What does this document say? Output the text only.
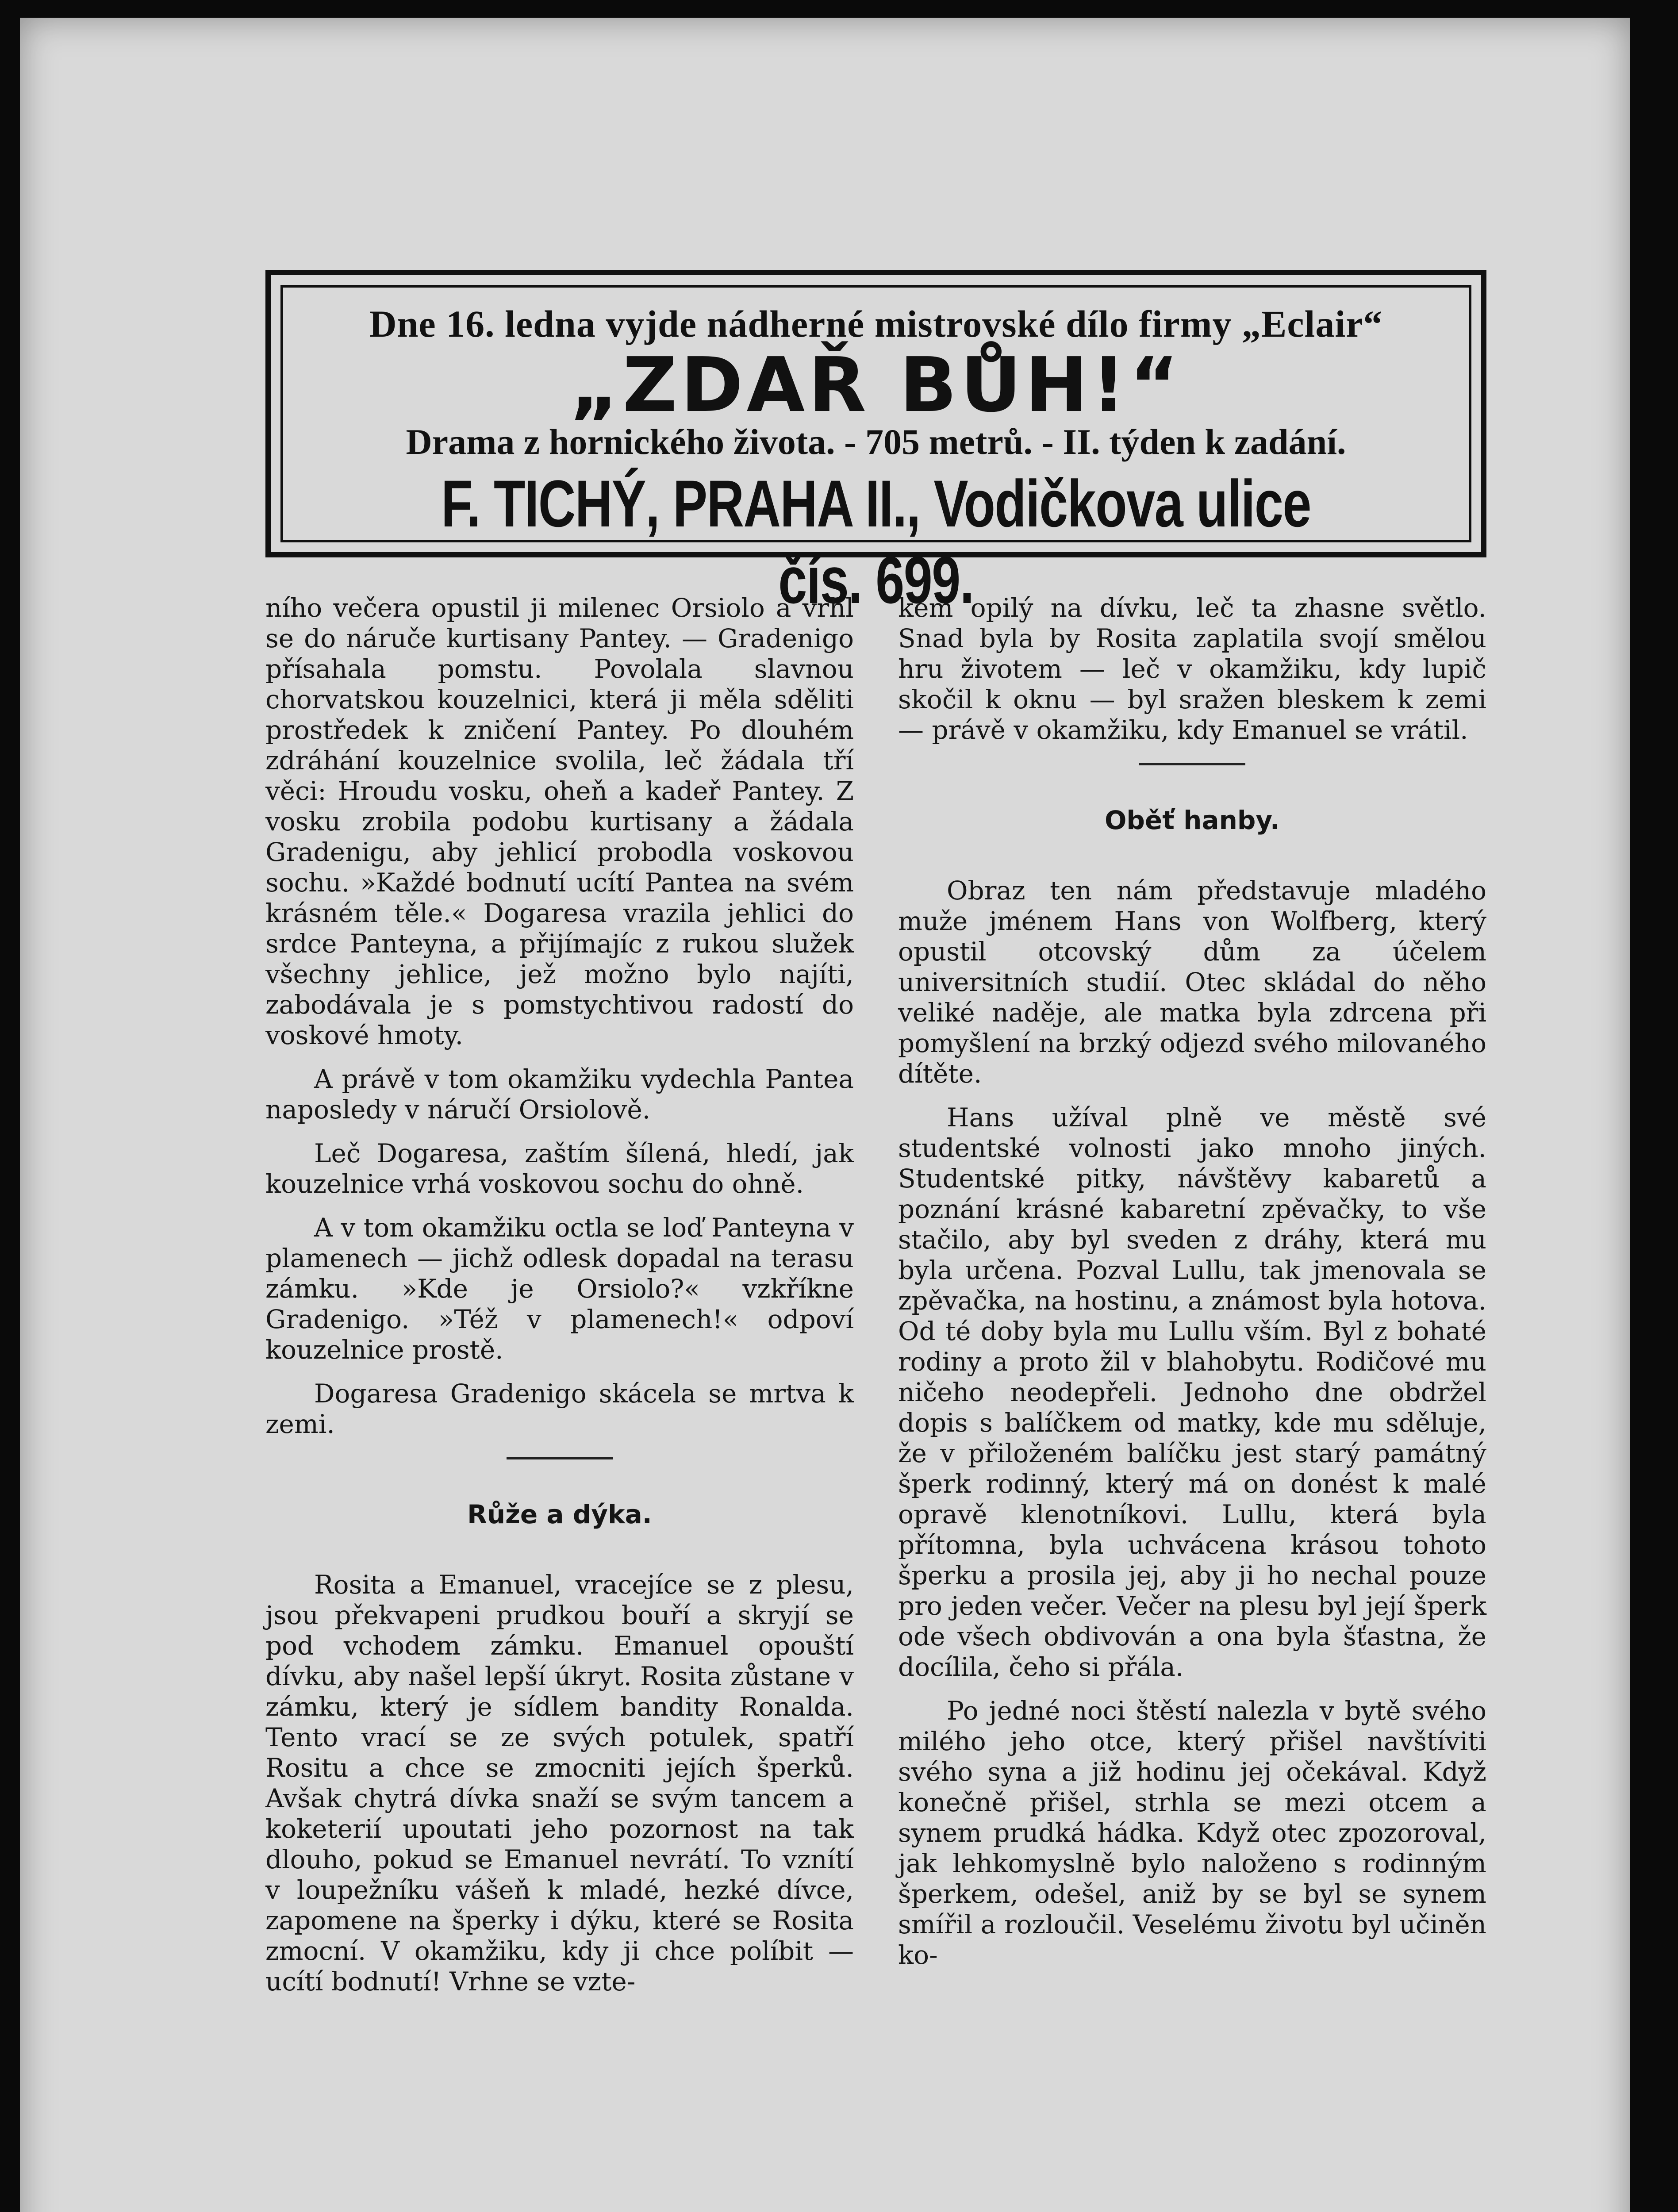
Dne 16. ledna vyjde nádherné mistrovské dílo firmy „Eclair“
„ZDAŘ BŮH!“
Drama z hornického života. - 705 metrů. - II. týden k zadání.
F. TICHÝ, PRAHA II., Vodičkova ulice čís. 699.

ního večera opustil ji milenec Orsiolo a vrhl se do náruče kurtisany Pantey. — Gradenigo přísahala pomstu. Povolala slavnou chorvatskou kouzelnici, která ji měla sděliti prostředek k zničení Pantey. Po dlouhém zdráhání kouzelnice svolila, leč žádala tří věci: Hroudu vosku, oheň a kadeř Pantey. Z vosku zrobila podobu kurtisany a žádala Gradenigu, aby jehlicí probodla voskovou sochu. »Každé bodnutí ucítí Pantea na svém krásném těle.« Dogaresa vrazila jehlici do srdce Panteyna, a přijímajíc z rukou služek všechny jehlice, jež možno bylo najíti, zabodávala je s pomstychtivou radostí do voskové hmoty.

A právě v tom okamžiku vydechla Pantea naposledy v náručí Orsiolově.

Leč Dogaresa, zaštím šílená, hledí, jak kouzelnice vrhá voskovou sochu do ohně.

A v tom okamžiku octla se loď Panteyna v plamenech — jichž odlesk dopadal na terasu zámku. »Kde je Orsiolo?« vzkříkne Gradenigo. »Též v plamenech!« odpoví kouzelnice prostě.

Dogaresa Gradenigo skácela se mrtva k zemi.

Růže a dýka.

Rosita a Emanuel, vracejíce se z plesu, jsou překvapeni prudkou bouří a skryjí se pod vchodem zámku. Emanuel opouští dívku, aby našel lepší úkryt. Rosita zůstane v zámku, který je sídlem bandity Ronalda. Tento vrací se ze svých potulek, spatří Rositu a chce se zmocniti jejích šperků. Avšak chytrá dívka snaží se svým tancem a koketerií upoutati jeho pozornost na tak dlouho, pokud se Emanuel nevrátí. To vznítí v loupežníku vášeň k mladé, hezké dívce, zapomene na šperky i dýku, které se Rosita zmocní. V okamžiku, kdy ji chce políbit — ucítí bodnutí! Vrhne se vzte-

kem opilý na dívku, leč ta zhasne světlo. Snad byla by Rosita zaplatila svojí smělou hru životem — leč v okamžiku, kdy lupič skočil k oknu — byl sražen bleskem k zemi — právě v okamžiku, kdy Emanuel se vrátil.

Oběť hanby.

Obraz ten nám představuje mladého muže jménem Hans von Wolfberg, který opustil otcovský dům za účelem universitních studií. Otec skládal do něho veliké naděje, ale matka byla zdrcena při pomyšlení na brzký odjezd svého milovaného dítěte.

Hans užíval plně ve městě své studentské volnosti jako mnoho jiných. Studentské pitky, návštěvy kabaretů a poznání krásné kabaretní zpěvačky, to vše stačilo, aby byl sveden z dráhy, která mu byla určena. Pozval Lullu, tak jmenovala se zpěvačka, na hostinu, a známost byla hotova. Od té doby byla mu Lullu vším. Byl z bohaté rodiny a proto žil v blahobytu. Rodičové mu ničeho neodepřeli. Jednoho dne obdržel dopis s balíčkem od matky, kde mu sděluje, že v přiloženém balíčku jest starý památný šperk rodinný, který má on donést k malé opravě klenotníkovi. Lullu, která byla přítomna, byla uchvácena krásou tohoto šperku a prosila jej, aby ji ho nechal pouze pro jeden večer. Večer na plesu byl její šperk ode všech obdivován a ona byla šťastna, že docílila, čeho si přála.

Po jedné noci štěstí nalezla v bytě svého milého jeho otce, který přišel navštíviti svého syna a již hodinu jej očekával. Když konečně přišel, strhla se mezi otcem a synem prudká hádka. Když otec zpozoroval, jak lehkomyslně bylo naloženo s rodinným šperkem, odešel, aniž by se byl se synem smířil a rozloučil. Veselému životu byl učiněn ko-
